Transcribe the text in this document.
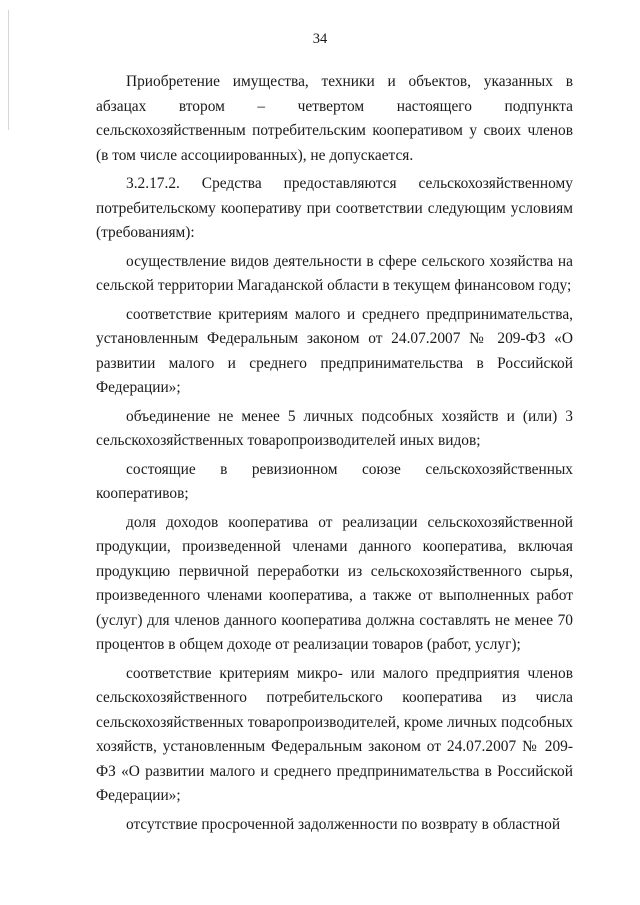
34

Приобретение имущества, техники и объектов, указанных в абзацах втором – четвертом настоящего подпункта сельскохозяйственным потребительским кооперативом у своих членов (в том числе ассоциированных), не допускается.

3.2.17.2. Средства предоставляются сельскохозяйственному потребительскому кооперативу при соответствии следующим условиям (требованиям):

осуществление видов деятельности в сфере сельского хозяйства на сельской территории Магаданской области в текущем финансовом году;

соответствие критериям малого и среднего предпринимательства, установленным Федеральным законом от 24.07.2007 № 209-ФЗ «О развитии малого и среднего предпринимательства в Российской Федерации»;

объединение не менее 5 личных подсобных хозяйств и (или) 3 сельскохозяйственных товаропроизводителей иных видов;

состоящие в ревизионном союзе сельскохозяйственных кооперативов;

доля доходов кооператива от реализации сельскохозяйственной продукции, произведенной членами данного кооператива, включая продукцию первичной переработки из сельскохозяйственного сырья, произведенного членами кооператива, а также от выполненных работ (услуг) для членов данного кооператива должна составлять не менее 70 процентов в общем доходе от реализации товаров (работ, услуг);

соответствие критериям микро- или малого предприятия членов сельскохозяйственного потребительского кооператива из числа сельскохозяйственных товаропроизводителей, кроме личных подсобных хозяйств, установленным Федеральным законом от 24.07.2007 № 209-ФЗ «О развитии малого и среднего предпринимательства в Российской Федерации»;

отсутствие просроченной задолженности по возврату в областной
